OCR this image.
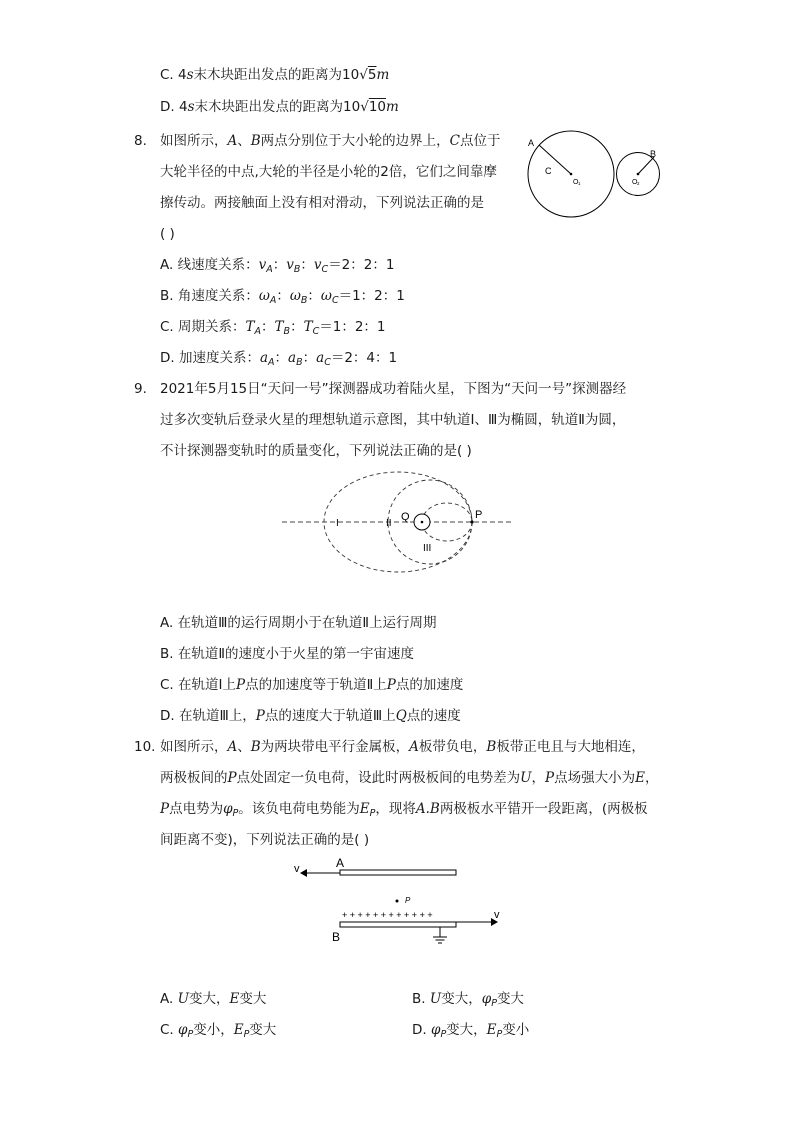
C. 4s末木块距出发点的距离为10√5m
D. 4s末木块距出发点的距离为10√10m
8. 如图所示，A、B两点分别位于大小轮的边界上，C点位于
大轮半径的中点,大轮的半径是小轮的2倍，它们之间靠摩
擦传动。两接触面上没有相对滑动，下列说法正确的是
( )
A
C
O 1	O 2
B
A. 线速度关系：$v_A$：$v_B$：$v_C=2$：2：1
B. 角速度关系：$\omega_A$：$\omega_B$：$\omega_C=1$：2：1
C. 周期关系：$T_A$：$T_B$：$T_C=1$：2：1
D. 加速度关系：$a_A$：$a_B$：$a_C=2$：4：1
9. 2021年5月15日“天问一号”探测器成功着陆火星，下图为“天问一号”探测器经
过多次变轨后登录火星的理想轨道示意图，其中轨道Ⅰ、Ⅲ为椭圆，轨道Ⅱ为圆，
不计探测器变轨时的质量变化，下列说法正确的是( )
I	II
III
Q	P
A. 在轨道Ⅲ的运行周期小于在轨道Ⅱ上运行周期
B. 在轨道Ⅱ的速度小于火星的第一宇宙速度
C. 在轨道Ⅰ上P点的加速度等于轨道Ⅱ上P点的加速度
D. 在轨道Ⅲ上，P点的速度大于轨道Ⅲ上Q点的速度
10. 如图所示，A、B为两块带电平行金属板，A板带负电，B板带正电且与大地相连，
两极板间的P点处固定一负电荷，设此时两极板间的电势差为U，P点场强大小为E，
P点电势为$\varphi_P$。该负电荷电势能为$E_P$，现将A.B两极板水平错开一段距离，(两极板
间距离不变)，下列说法正确的是( )
v	A
P
+ + + + + + + + + + + +
B
v
A. U变大，E变大	B. U变大，$\varphi_P$变大
C. $\varphi_P$变小，$E_P$变大	D. $\varphi_P$变大，$E_P$变小
